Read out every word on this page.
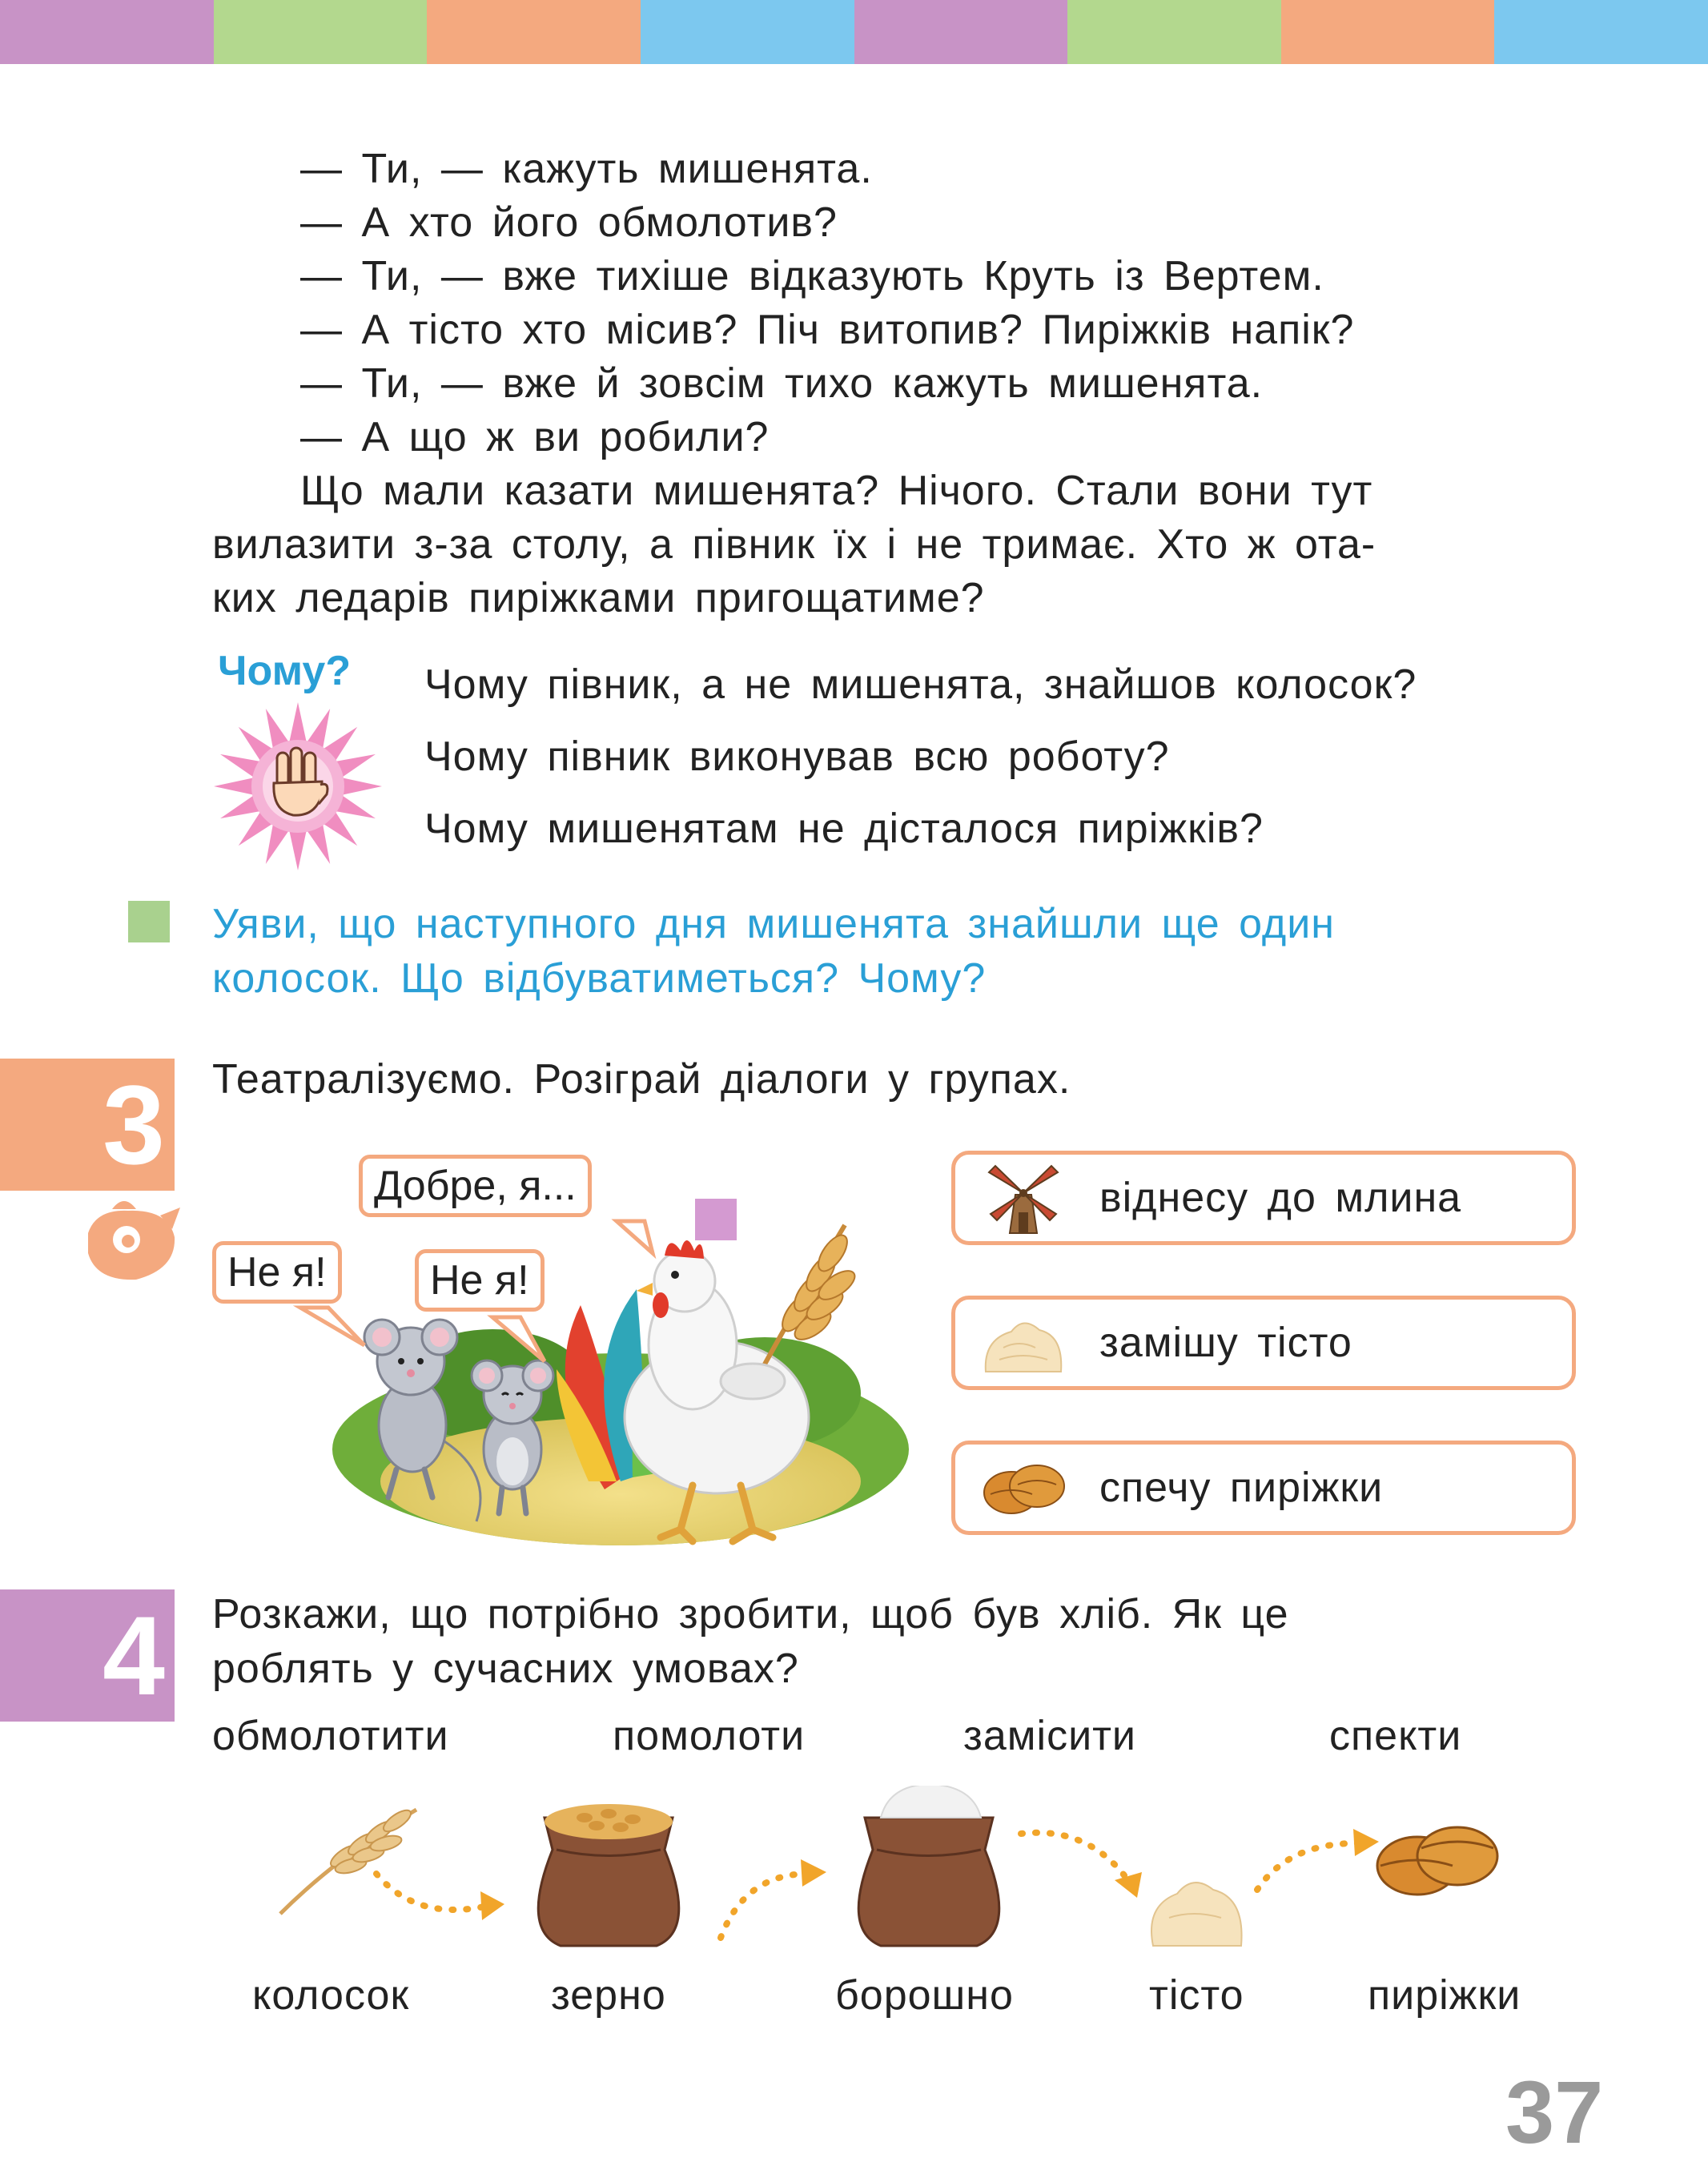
— Ти, — кажуть мишенята.
— А хто його обмолотив?
— Ти, — вже тихіше відказують Круть із Вертем.
— А тісто хто місив? Піч витопив? Пиріжків напік?
— Ти, — вже й зовсім тихо кажуть мишенята.
— А що ж ви робили?
Що мали казати мишенята? Нічого. Стали вони тут
вилазити з-за столу, а півник їх і не тримає. Хто ж ота-
ких ледарів пиріжками пригощатиме?
Чому? Чому півник, а не мишенята, знайшов колосок?
Чому півник виконував всю роботу?
Чому мишенятам не дісталося пиріжків?
Уяви, що наступного дня мишенята знайшли ще один
колосок. Що відбуватиметься? Чому?
3 Театралізуємо. Розіграй діалоги у групах.
Добре, я...
Не я!	Не я!
віднесу до млина
замішу тісто
спечу пиріжки
4 Розкажи, що потрібно зробити, щоб був хліб. Як це
роблять у сучасних умовах?
обмолотити	помолоти	замісити	спекти
колосок	зерно	борошно	тісто	пиріжки
37
